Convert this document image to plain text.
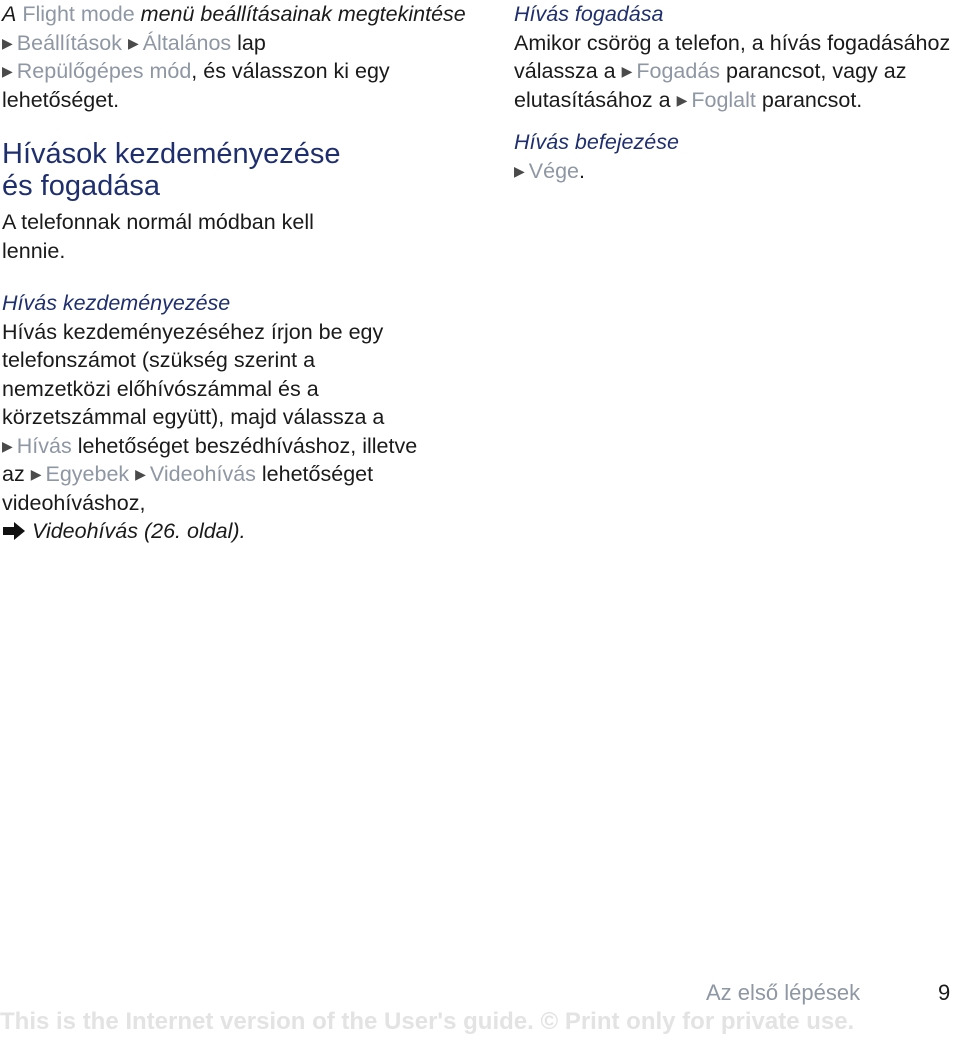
A Flight mode menü beállításainak megtekintése

▶ Beállítások ▶ Általános lap
▶ Repülőgépes mód, és válasszon ki egy lehetőséget.

Hívások kezdeményezése
és fogadása

A telefonnak normál módban kell lennie.

Hívás kezdeményezése

Hívás kezdeményezéséhez írjon be egy telefonszámot (szükség szerint a nemzetközi előhívószámmal és a körzetszámmal együtt), majd válassza a ▶ Hívás lehetőséget beszédhíváshoz, illetve az ▶ Egyebek ▶ Videohívás lehetőséget videohíváshoz,
Videohívás (26. oldal).

Hívás fogadása

Amikor csörög a telefon, a hívás fogadásához válassza a ▶ Fogadás parancsot, vagy az elutasításához a ▶ Foglalt parancsot.

Hívás befejezése

▶ Vége.

Az első lépések	9
This is the Internet version of the User's guide. © Print only for private use.
